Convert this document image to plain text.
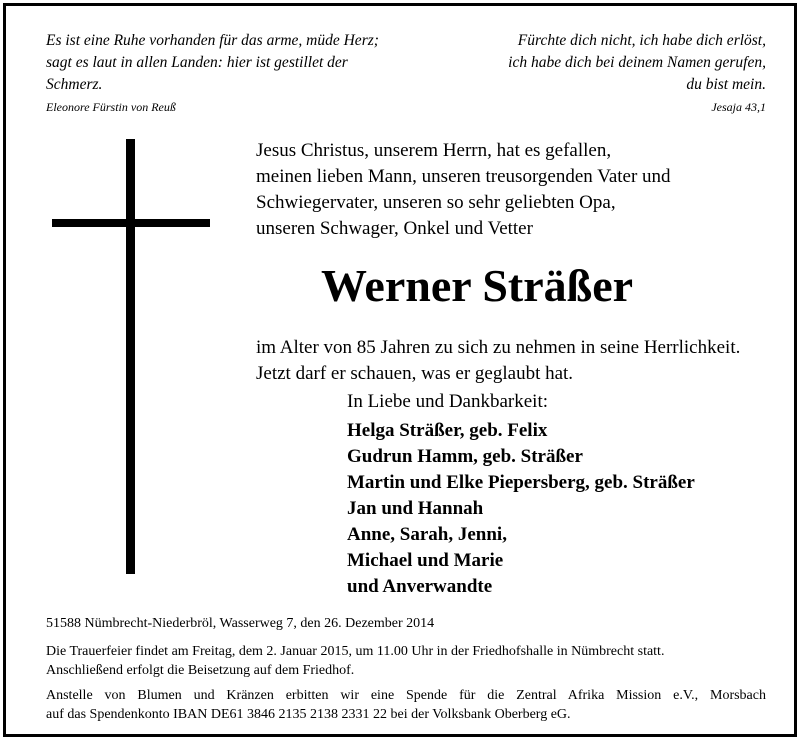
Es ist eine Ruhe vorhanden für das arme, müde Herz;
sagt es laut in allen Landen: hier ist gestillet der
Schmerz.
Eleonore Fürstin von Reuß
Fürchte dich nicht, ich habe dich erlöst,
ich habe dich bei deinem Namen gerufen,
du bist mein.
Jesaja 43,1
Jesus Christus, unserem Herrn, hat es gefallen,
meinen lieben Mann, unseren treusorgenden Vater und
Schwiegervater, unseren so sehr geliebten Opa,
unseren Schwager, Onkel und Vetter
Werner Sträßer
im Alter von 85 Jahren zu sich zu nehmen in seine Herrlichkeit.
Jetzt darf er schauen, was er geglaubt hat.
In Liebe und Dankbarkeit:
Helga Sträßer, geb. Felix
Gudrun Hamm, geb. Sträßer
Martin und Elke Piepersberg, geb. Sträßer
Jan und Hannah
Anne, Sarah, Jenni,
Michael und Marie
und Anverwandte
51588 Nümbrecht-Niederbröl, Wasserweg 7, den 26. Dezember 2014
Die Trauerfeier findet am Freitag, dem 2. Januar 2015, um 11.00 Uhr in der Friedhofshalle in Nümbrecht statt.
Anschließend erfolgt die Beisetzung auf dem Friedhof.
Anstelle von Blumen und Kränzen erbitten wir eine Spende für die Zentral Afrika Mission e.V., Morsbach
auf das Spendenkonto IBAN DE61 3846 2135 2138 2331 22 bei der Volksbank Oberberg eG.
